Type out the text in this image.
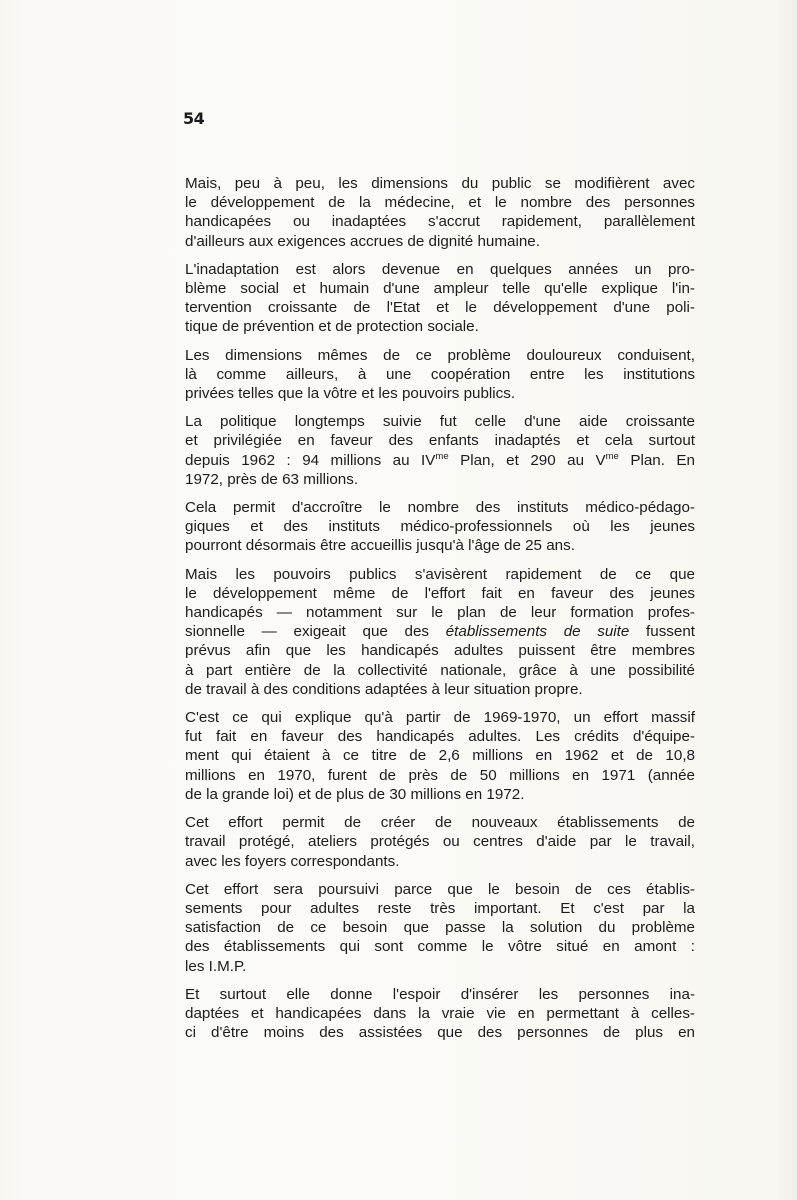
54

Mais, peu à peu, les dimensions du public se modifièrent avec
le développement de la médecine, et le nombre des personnes
handicapées ou inadaptées s'accrut rapidement, parallèlement
d'ailleurs aux exigences accrues de dignité humaine.

L'inadaptation est alors devenue en quelques années un pro-
blème social et humain d'une ampleur telle qu'elle explique l'in-
tervention croissante de l'Etat et le développement d'une poli-
tique de prévention et de protection sociale.

Les dimensions mêmes de ce problème douloureux conduisent,
là comme ailleurs, à une coopération entre les institutions
privées telles que la vôtre et les pouvoirs publics.

La politique longtemps suivie fut celle d'une aide croissante
et privilégiée en faveur des enfants inadaptés et cela surtout
depuis 1962 : 94 millions au $IV^{me}$ Plan, et 290 au $V^{me}$ Plan. En
1972, près de 63 millions.

Cela permit d'accroître le nombre des instituts médico-pédago-
giques et des instituts médico-professionnels où les jeunes
pourront désormais être accueillis jusqu'à l'âge de 25 ans.

Mais les pouvoirs publics s'avisèrent rapidement de ce que
le développement même de l'effort fait en faveur des jeunes
handicapés — notamment sur le plan de leur formation profes-
sionnelle — exigeait que des établissements de suite fussent
prévus afin que les handicapés adultes puissent être membres
à part entière de la collectivité nationale, grâce à une possibilité
de travail à des conditions adaptées à leur situation propre.

C'est ce qui explique qu'à partir de 1969-1970, un effort massif
fut fait en faveur des handicapés adultes. Les crédits d'équipe-
ment qui étaient à ce titre de 2,6 millions en 1962 et de 10,8
millions en 1970, furent de près de 50 millions en 1971 (année
de la grande loi) et de plus de 30 millions en 1972.

Cet effort permit de créer de nouveaux établissements de
travail protégé, ateliers protégés ou centres d'aide par le travail,
avec les foyers correspondants.

Cet effort sera poursuivi parce que le besoin de ces établis-
sements pour adultes reste très important. Et c'est par la
satisfaction de ce besoin que passe la solution du problème
des établissements qui sont comme le vôtre situé en amont :
les I.M.P.

Et surtout elle donne l'espoir d'insérer les personnes ina-
daptées et handicapées dans la vraie vie en permettant à celles-
ci d'être moins des assistées que des personnes de plus en
